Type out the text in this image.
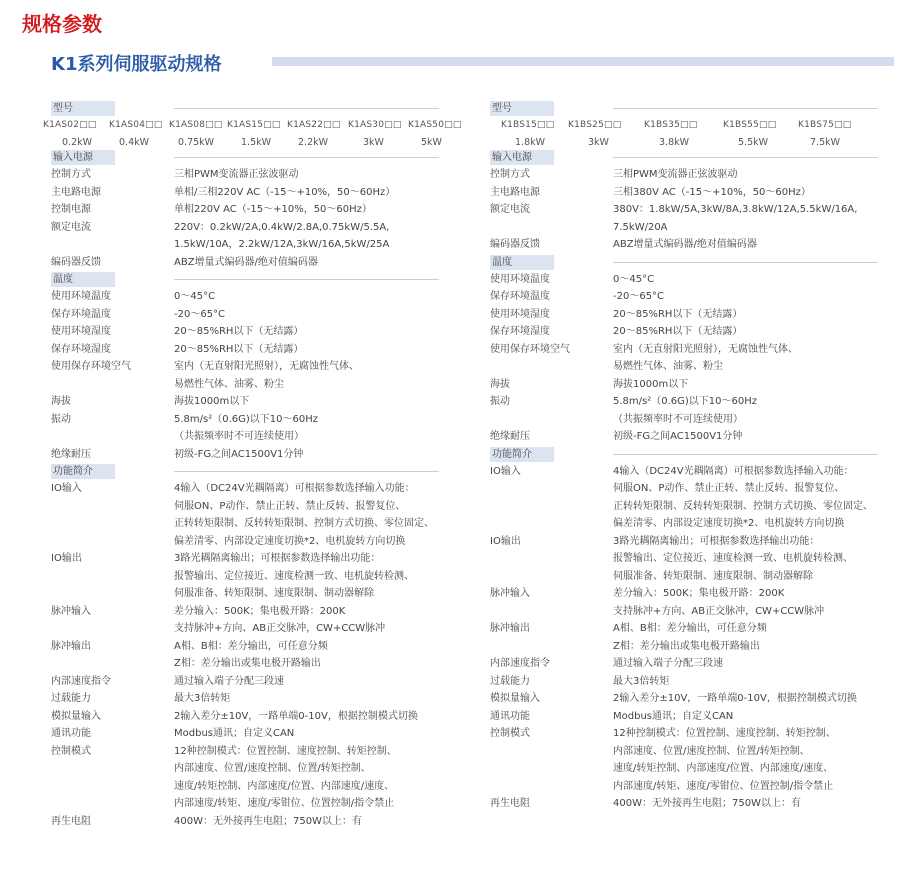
规格参数
K1系列伺服驱动规格
型号
K1AS02□□ K1AS04□□ K1AS08□□ K1AS15□□ K1AS22□□ K1AS30□□ K1AS50□□
0.2kW	0.4kW	0.75kW	1.5kW	2.2kW	3kW	5kW
输入电源
控制方式	三相PWM变流器正弦波驱动
主电路电源	单相/三相220V AC（-15～+10%，50～60Hz）
控制电源	单相220V AC（-15～+10%，50～60Hz）
额定电流	220V：0.2kW/2A,0.4kW/2.8A,0.75kW/5.5A,
1.5kW/10A，2.2kW/12A,3kW/16A,5kW/25A
编码器反馈	ABZ增量式编码器/绝对值编码器
温度
使用环境温度	0～45°C
保存环境温度	-20～65°C
使用环境湿度	20～85%RH以下（无结露）
保存环境湿度	20～85%RH以下（无结露）
使用保存环境空气	室内（无直射阳光照射），无腐蚀性气体、
易燃性气体、油雾、粉尘
海拔	海拔1000m以下
振动	5.8m/s²（0.6G)以下10～60Hz
（共振频率时不可连续使用）
绝缘耐压	初级-FG之间AC1500V1分钟
功能简介
IO输入	4输入（DC24V光耦隔离）可根据参数选择输入功能：
伺服ON、P动作、禁止正转、禁止反转、报警复位、
正转转矩限制、反转转矩限制、控制方式切换、零位固定、
偏差清零、内部设定速度切换*2、电机旋转方向切换
IO输出	3路光耦隔离输出；可根据参数选择输出功能：
报警输出、定位接近、速度检测一致、电机旋转检测、
伺服准备、转矩限制、速度限制、制动器解除
脉冲输入	差分输入：500K；集电极开路：200K
支持脉冲+方向、AB正交脉冲，CW+CCW脉冲
脉冲输出	A相、B相：差分输出，可任意分频
Z相：差分输出或集电极开路输出
内部速度指令	通过输入端子分配三段速
过载能力	最大3倍转矩
模拟量输入	2输入差分±10V，一路单端0-10V，根据控制模式切换
通讯功能	Modbus通讯；自定义CAN
控制模式	12种控制模式：位置控制、速度控制、转矩控制、
内部速度、位置/速度控制、位置/转矩控制、
速度/转矩控制、内部速度/位置、内部速度/速度、
内部速度/转矩、速度/零钳位、位置控制/指令禁止
再生电阻	400W：无外接再生电阻；750W以上：有
型号
K1BS15□□ K1BS25□□	K1BS35□□	K1BS55□□ K1BS75□□
1.8kW	3kW	3.8kW	5.5kW	7.5kW
输入电源
控制方式	三相PWM变流器正弦波驱动
主电路电源	三相380V AC（-15～+10%，50～60Hz）
额定电流	380V：1.8kW/5A,3kW/8A,3.8kW/12A,5.5kW/16A,
7.5kW/20A
编码器反馈	ABZ增量式编码器/绝对值编码器
温度
使用环境温度	0～45°C
保存环境温度	-20～65°C
使用环境湿度	20～85%RH以下（无结露）
保存环境湿度	20～85%RH以下（无结露）
使用保存环境空气	室内（无直射阳光照射），无腐蚀性气体、
易燃性气体、油雾、粉尘
海拔	海拔1000m以下
振动	5.8m/s²（0.6G)以下10～60Hz
（共振频率时不可连续使用）
绝缘耐压	初级-FG之间AC1500V1分钟
功能简介
IO输入	4输入（DC24V光耦隔离）可根据参数选择输入功能：
伺服ON、P动作、禁止正转、禁止反转、报警复位、
正转转矩限制、反转转矩限制、控制方式切换、零位固定、
偏差清零、内部设定速度切换*2、电机旋转方向切换
IO输出	3路光耦隔离输出；可根据参数选择输出功能：
报警输出、定位接近、速度检测一致、电机旋转检测、
伺服准备、转矩限制、速度限制、制动器解除
脉冲输入	差分输入：500K；集电极开路：200K
支持脉冲+方向、AB正交脉冲，CW+CCW脉冲
脉冲输出	A相、B相：差分输出，可任意分频
Z相：差分输出或集电极开路输出
内部速度指令	通过输入端子分配三段速
过载能力	最大3倍转矩
模拟量输入	2输入差分±10V，一路单端0-10V，根据控制模式切换
通讯功能	Modbus通讯；自定义CAN
控制模式	12种控制模式：位置控制、速度控制、转矩控制、
内部速度、位置/速度控制、位置/转矩控制、
速度/转矩控制、内部速度/位置、内部速度/速度、
内部速度/转矩、速度/零钳位、位置控制/指令禁止
再生电阻	400W：无外接再生电阻；750W以上：有
